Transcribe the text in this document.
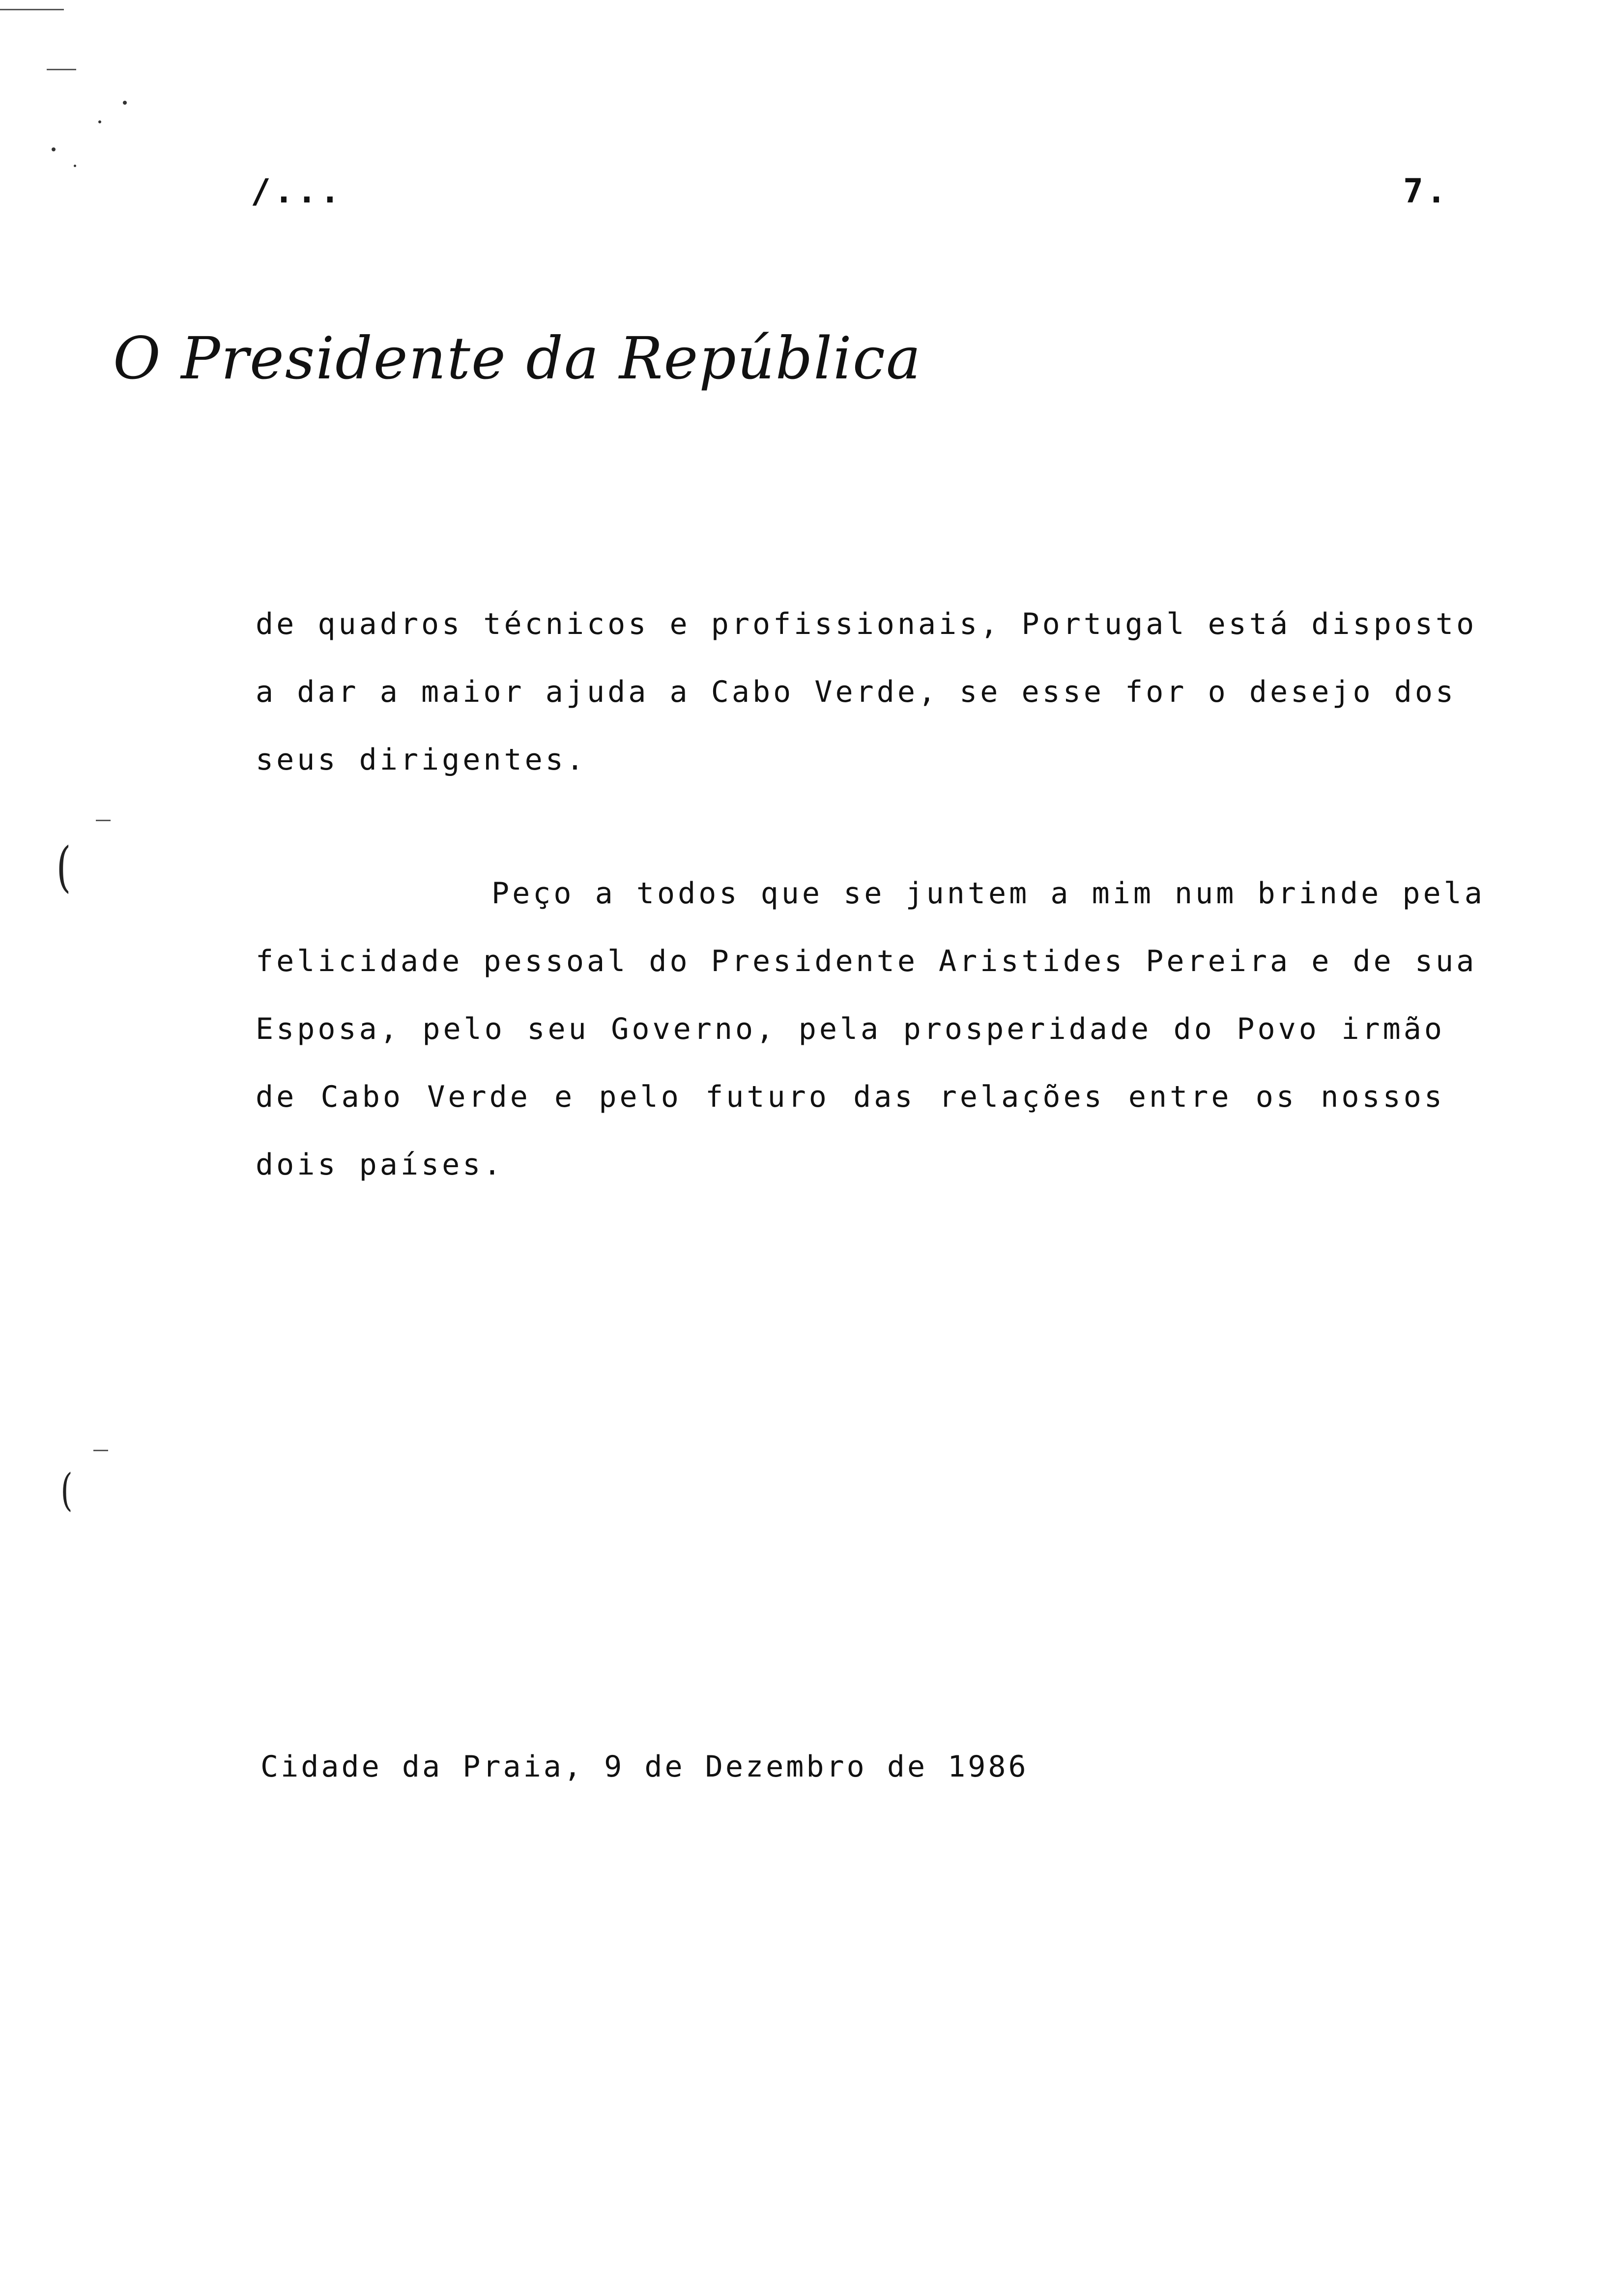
/...	7.
O Presidente da República
de quadros técnicos e profissionais, Portugal está disposto
a dar a maior ajuda a Cabo Verde, se esse for o desejo dos
seus dirigentes.
(	Peço a todos que se juntem a mim num brinde pela
felicidade pessoal do Presidente Aristides Pereira e de sua
Esposa, pelo seu Governo, pela prosperidade do Povo irmão
de Cabo Verde e pelo futuro das relações entre os nossos
dois países.
(
Cidade da Praia, 9 de Dezembro de 1986
